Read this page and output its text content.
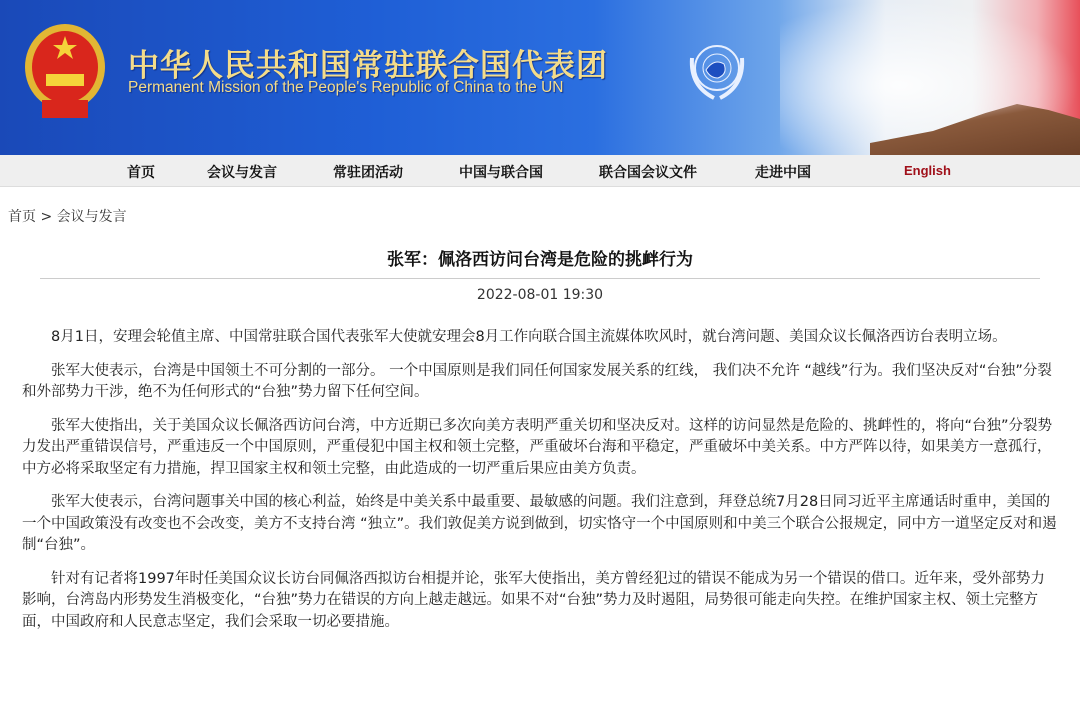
中华人民共和国常驻联合国代表团
Permanent Mission of the People's Republic of China to the UN
首页	会议与发言	常驻团活动	中国与联合国	联合国会议文件	走进中国	English
首页 > 会议与发言
张军：佩洛西访问台湾是危险的挑衅行为
2022-08-01 19:30

8月1日，安理会轮值主席、中国常驻联合国代表张军大使就安理会8月工作向联合国主流媒体吹风时，就台湾问题、美国众议长佩洛西访台表明立场。

张军大使表示，台湾是中国领土不可分割的一部分。 一个中国原则是我们同任何国家发展关系的红线， 我们决不允许 “越线”行为。我们坚决反对“台独”分裂和外部势力干涉，绝不为任何形式的“台独”势力留下任何空间。

张军大使指出，关于美国众议长佩洛西访问台湾，中方近期已多次向美方表明严重关切和坚决反对。这样的访问显然是危险的、挑衅性的，将向“台独”分裂势力发出严重错误信号，严重违反一个中国原则，严重侵犯中国主权和领土完整，严重破坏台海和平稳定，严重破坏中美关系。中方严阵以待，如果美方一意孤行，中方必将采取坚定有力措施，捍卫国家主权和领土完整，由此造成的一切严重后果应由美方负责。

张军大使表示，台湾问题事关中国的核心利益，始终是中美关系中最重要、最敏感的问题。我们注意到，拜登总统7月28日同习近平主席通话时重申，美国的一个中国政策没有改变也不会改变，美方不支持台湾 “独立”。我们敦促美方说到做到，切实恪守一个中国原则和中美三个联合公报规定，同中方一道坚定反对和遏制“台独”。

针对有记者将1997年时任美国众议长访台同佩洛西拟访台相提并论，张军大使指出，美方曾经犯过的错误不能成为另一个错误的借口。近年来，受外部势力影响，台湾岛内形势发生消极变化，“台独”势力在错误的方向上越走越远。如果不对“台独”势力及时遏阻，局势很可能走向失控。在维护国家主权、领土完整方面，中国政府和人民意志坚定，我们会采取一切必要措施。
